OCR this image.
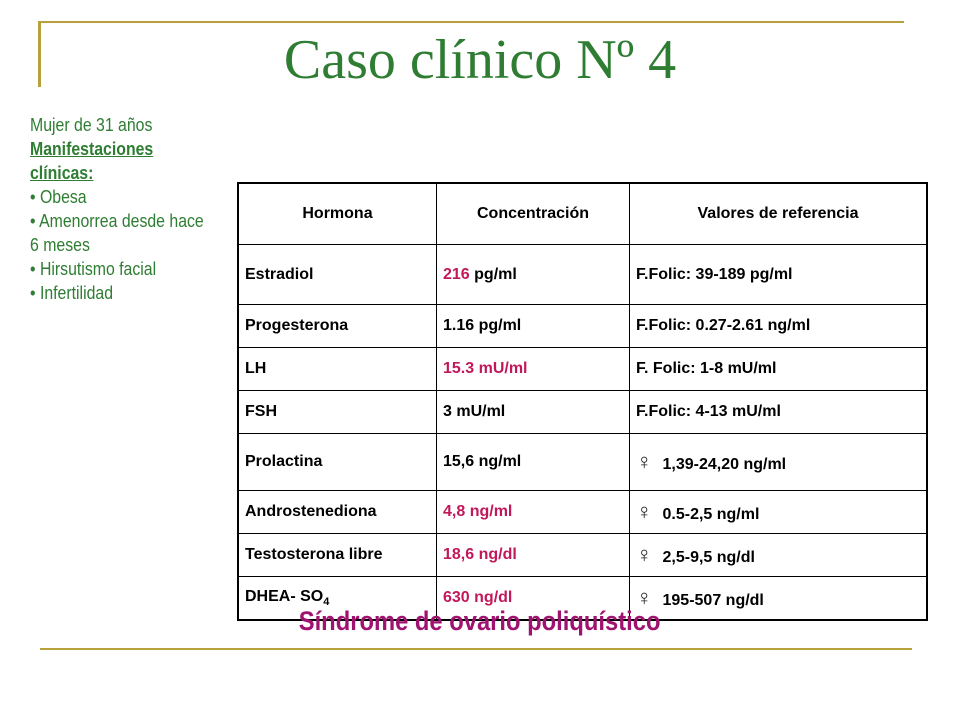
Caso clínico Nº 4
Mujer de 31 años
Manifestaciones clínicas:
• Obesa
• Amenorrea desde hace 6 meses
• Hirsutismo facial
• Infertilidad
Hormona	Concentración	Valores de referencia
Estradiol	216 pg/ml	F.Folic: 39-189 pg/ml
Progesterona	1.16 pg/ml	F.Folic: 0.27-2.61 ng/ml
LH	15.3 mU/ml	F. Folic: 1-8 mU/ml
FSH	3 mU/ml	F.Folic: 4-13 mU/ml
Prolactina	15,6 ng/ml	♀ 1,39-24,20 ng/ml
Androstenediona	4,8 ng/ml	♀ 0.5-2,5 ng/ml
Testosterona libre	18,6 ng/dl	♀ 2,5-9,5 ng/dl
DHEA- $SO_4$	630 ng/dl	♀ 195-507 ng/dl
Síndrome de ovario poliquístico
